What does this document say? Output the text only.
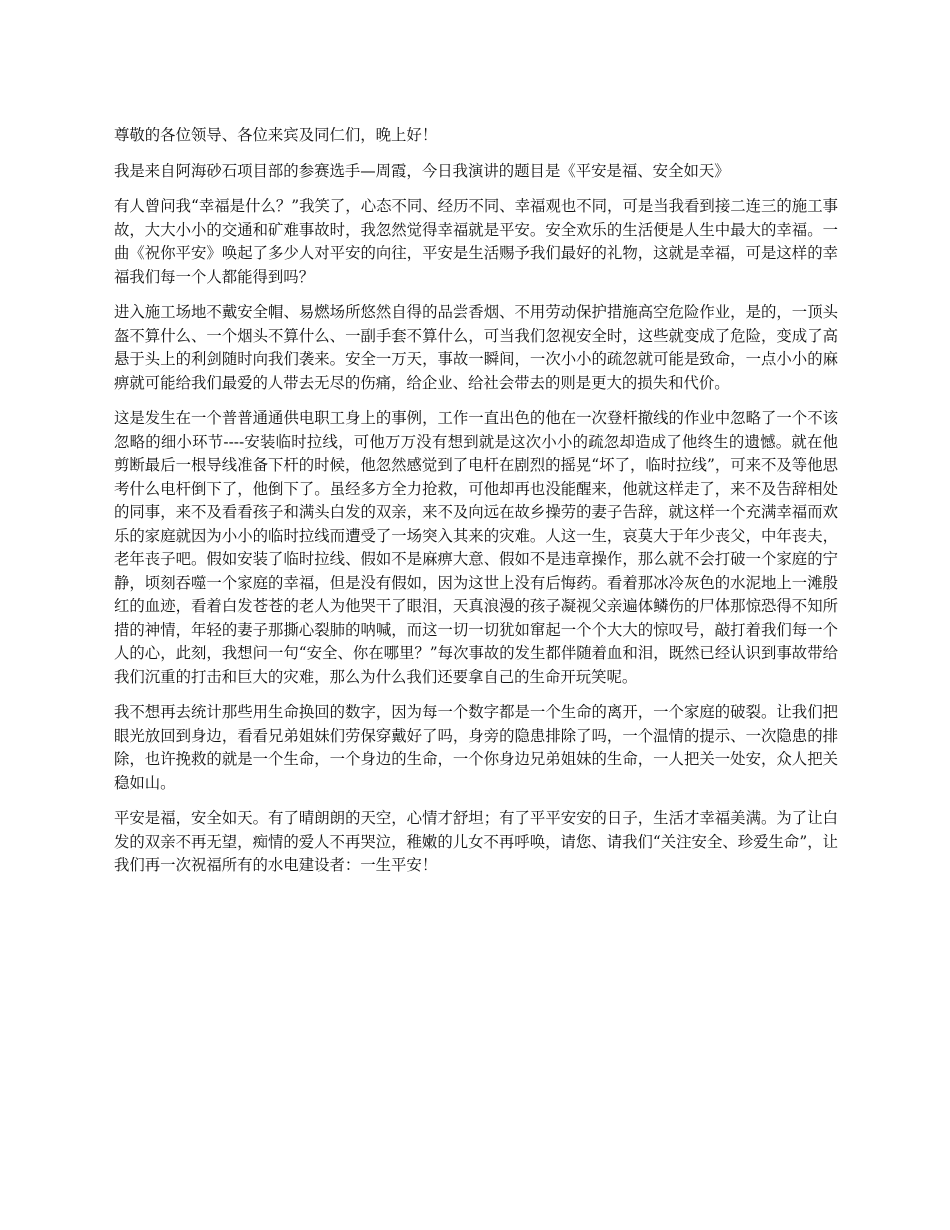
尊敬的各位领导、各位来宾及同仁们，晚上好！

我是来自阿海砂石项目部的参赛选手—周霞，今日我演讲的题目是《平安是福、安全如天》

有人曾问我“幸福是什么？”我笑了，心态不同、经历不同、幸福观也不同，可是当我看到接二连三的施工事故，大大小小的交通和矿难事故时，我忽然觉得幸福就是平安。安全欢乐的生活便是人生中最大的幸福。一曲《祝你平安》唤起了多少人对平安的向往，平安是生活赐予我们最好的礼物，这就是幸福，可是这样的幸福我们每一个人都能得到吗？

进入施工场地不戴安全帽、易燃场所悠然自得的品尝香烟、不用劳动保护措施高空危险作业，是的，一顶头盔不算什么、一个烟头不算什么、一副手套不算什么，可当我们忽视安全时，这些就变成了危险，变成了高悬于头上的利剑随时向我们袭来。安全一万天，事故一瞬间，一次小小的疏忽就可能是致命，一点小小的麻痹就可能给我们最爱的人带去无尽的伤痛，给企业、给社会带去的则是更大的损失和代价。

这是发生在一个普普通通供电职工身上的事例，工作一直出色的他在一次登杆撤线的作业中忽略了一个不该忽略的细小环节----安装临时拉线，可他万万没有想到就是这次小小的疏忽却造成了他终生的遗憾。就在他剪断最后一根导线准备下杆的时候，他忽然感觉到了电杆在剧烈的摇晃“坏了，临时拉线”，可来不及等他思考什么电杆倒下了，他倒下了。虽经多方全力抢救，可他却再也没能醒来，他就这样走了，来不及告辞相处的同事，来不及看看孩子和满头白发的双亲，来不及向远在故乡操劳的妻子告辞，就这样一个充满幸福而欢乐的家庭就因为小小的临时拉线而遭受了一场突入其来的灾难。人这一生，哀莫大于年少丧父，中年丧夫，老年丧子吧。假如安装了临时拉线、假如不是麻痹大意、假如不是违章操作，那么就不会打破一个家庭的宁静，顷刻吞噬一个家庭的幸福，但是没有假如，因为这世上没有后悔药。看着那冰冷灰色的水泥地上一滩殷红的血迹，看着白发苍苍的老人为他哭干了眼泪，天真浪漫的孩子凝视父亲遍体鳞伤的尸体那惊恐得不知所措的神情，年轻的妻子那撕心裂肺的呐喊，而这一切一切犹如窜起一个个大大的惊叹号，敲打着我们每一个人的心，此刻，我想问一句“安全、你在哪里？”每次事故的发生都伴随着血和泪，既然已经认识到事故带给我们沉重的打击和巨大的灾难，那么为什么我们还要拿自己的生命开玩笑呢。

我不想再去统计那些用生命换回的数字，因为每一个数字都是一个生命的离开，一个家庭的破裂。让我们把眼光放回到身边，看看兄弟姐妹们劳保穿戴好了吗，身旁的隐患排除了吗，一个温情的提示、一次隐患的排除，也许挽救的就是一个生命，一个身边的生命，一个你身边兄弟姐妹的生命，一人把关一处安，众人把关稳如山。

平安是福，安全如天。有了晴朗朗的天空，心情才舒坦；有了平平安安的日子，生活才幸福美满。为了让白发的双亲不再无望，痴情的爱人不再哭泣，稚嫩的儿女不再呼唤，请您、请我们“关注安全、珍爱生命”，让我们再一次祝福所有的水电建设者：一生平安！
